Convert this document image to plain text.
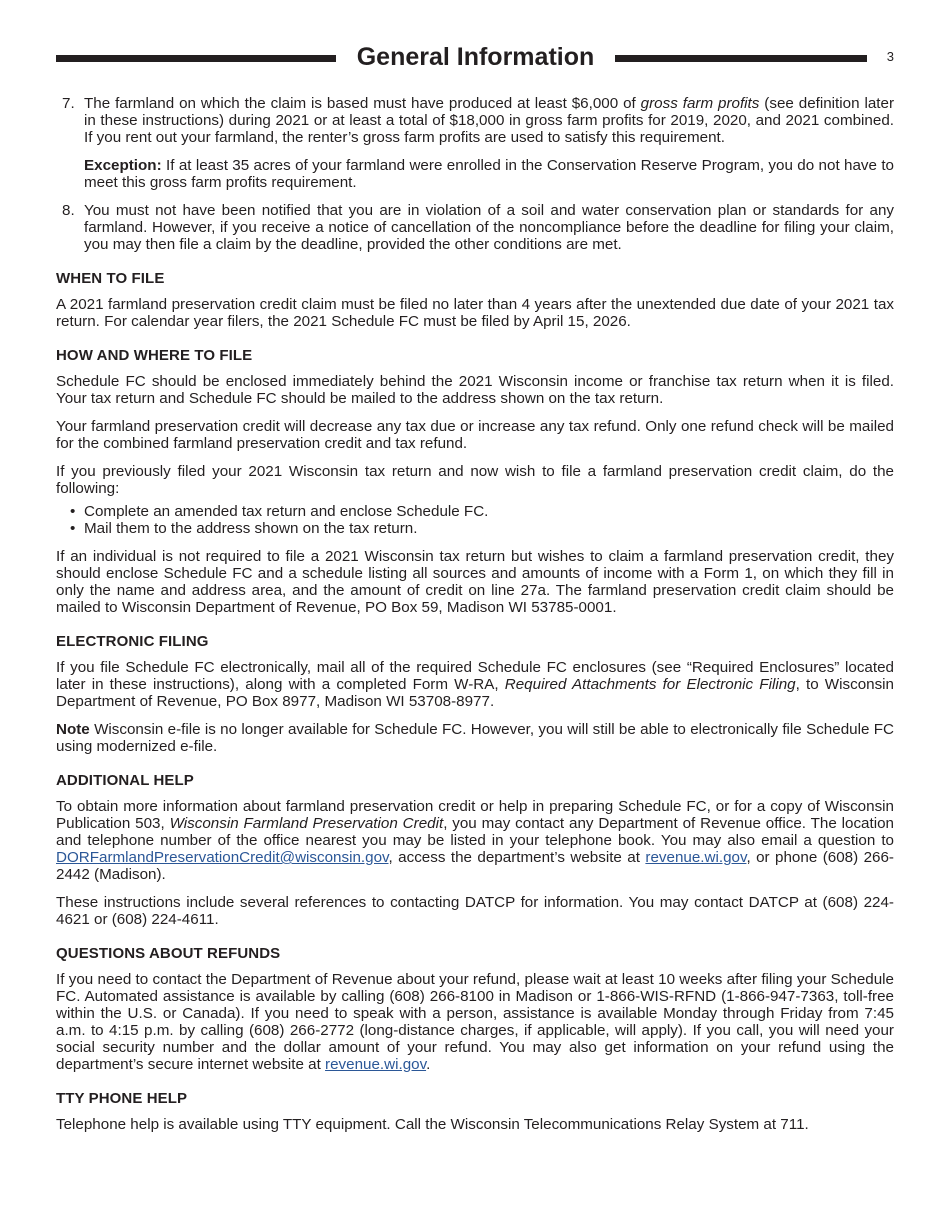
General Information	3
7. The farmland on which the claim is based must have produced at least $6,000 of gross farm profits (see definition later in these instructions) during 2021 or at least a total of $18,000 in gross farm profits for 2019, 2020, and 2021 combined. If you rent out your farmland, the renter’s gross farm profits are used to satisfy this requirement.

Exception: If at least 35 acres of your farmland were enrolled in the Conservation Reserve Program, you do not have to meet this gross farm profits requirement.

8. You must not have been notified that you are in violation of a soil and water conservation plan or standards for any farmland. However, if you receive a notice of cancellation of the noncompliance before the deadline for filing your claim, you may then file a claim by the deadline, provided the other conditions are met.

WHEN TO FILE

A 2021 farmland preservation credit claim must be filed no later than 4 years after the unextended due date of your 2021 tax return. For calendar year filers, the 2021 Schedule FC must be filed by April 15, 2026.

HOW AND WHERE TO FILE

Schedule FC should be enclosed immediately behind the 2021 Wisconsin income or franchise tax return when it is filed. Your tax return and Schedule FC should be mailed to the address shown on the tax return.

Your farmland preservation credit will decrease any tax due or increase any tax refund. Only one refund check will be mailed for the combined farmland preservation credit and tax refund.

If you previously filed your 2021 Wisconsin tax return and now wish to file a farmland preservation credit claim, do the following:

• Complete an amended tax return and enclose Schedule FC.
• Mail them to the address shown on the tax return.

If an individual is not required to file a 2021 Wisconsin tax return but wishes to claim a farmland preservation credit, they should enclose Schedule FC and a schedule listing all sources and amounts of income with a Form 1, on which they fill in only the name and address area, and the amount of credit on line 27a. The farmland preservation credit claim should be mailed to Wisconsin Department of Revenue, PO Box 59, Madison WI 53785-0001.

ELECTRONIC FILING

If you file Schedule FC electronically, mail all of the required Schedule FC enclosures (see “Required Enclosures” located later in these instructions), along with a completed Form W-RA, Required Attachments for Electronic Filing, to Wisconsin Department of Revenue, PO Box 8977, Madison WI 53708-8977.

Note Wisconsin e-file is no longer available for Schedule FC. However, you will still be able to electronically file Schedule FC using modernized e-file.

ADDITIONAL HELP

To obtain more information about farmland preservation credit or help in preparing Schedule FC, or for a copy of Wisconsin Publication 503, Wisconsin Farmland Preservation Credit, you may contact any Department of Revenue office. The location and telephone number of the office nearest you may be listed in your telephone book. You may also email a question to DORFarmlandPreservationCredit@wisconsin.gov, access the department’s website at revenue.wi.gov, or phone (608) 266-2442 (Madison).

These instructions include several references to contacting DATCP for information. You may contact DATCP at (608) 224-4621 or (608) 224-4611.

QUESTIONS ABOUT REFUNDS

If you need to contact the Department of Revenue about your refund, please wait at least 10 weeks after filing your Schedule FC. Automated assistance is available by calling (608) 266-8100 in Madison or 1-866-WIS-RFND (1-866-947-7363, toll-free within the U.S. or Canada). If you need to speak with a person, assistance is available Monday through Friday from 7:45 a.m. to 4:15 p.m. by calling (608) 266-2772 (long-distance charges, if applicable, will apply). If you call, you will need your social security number and the dollar amount of your refund. You may also get information on your refund using the department’s secure internet website at revenue.wi.gov.

TTY PHONE HELP

Telephone help is available using TTY equipment. Call the Wisconsin Telecommunications Relay System at 711.
